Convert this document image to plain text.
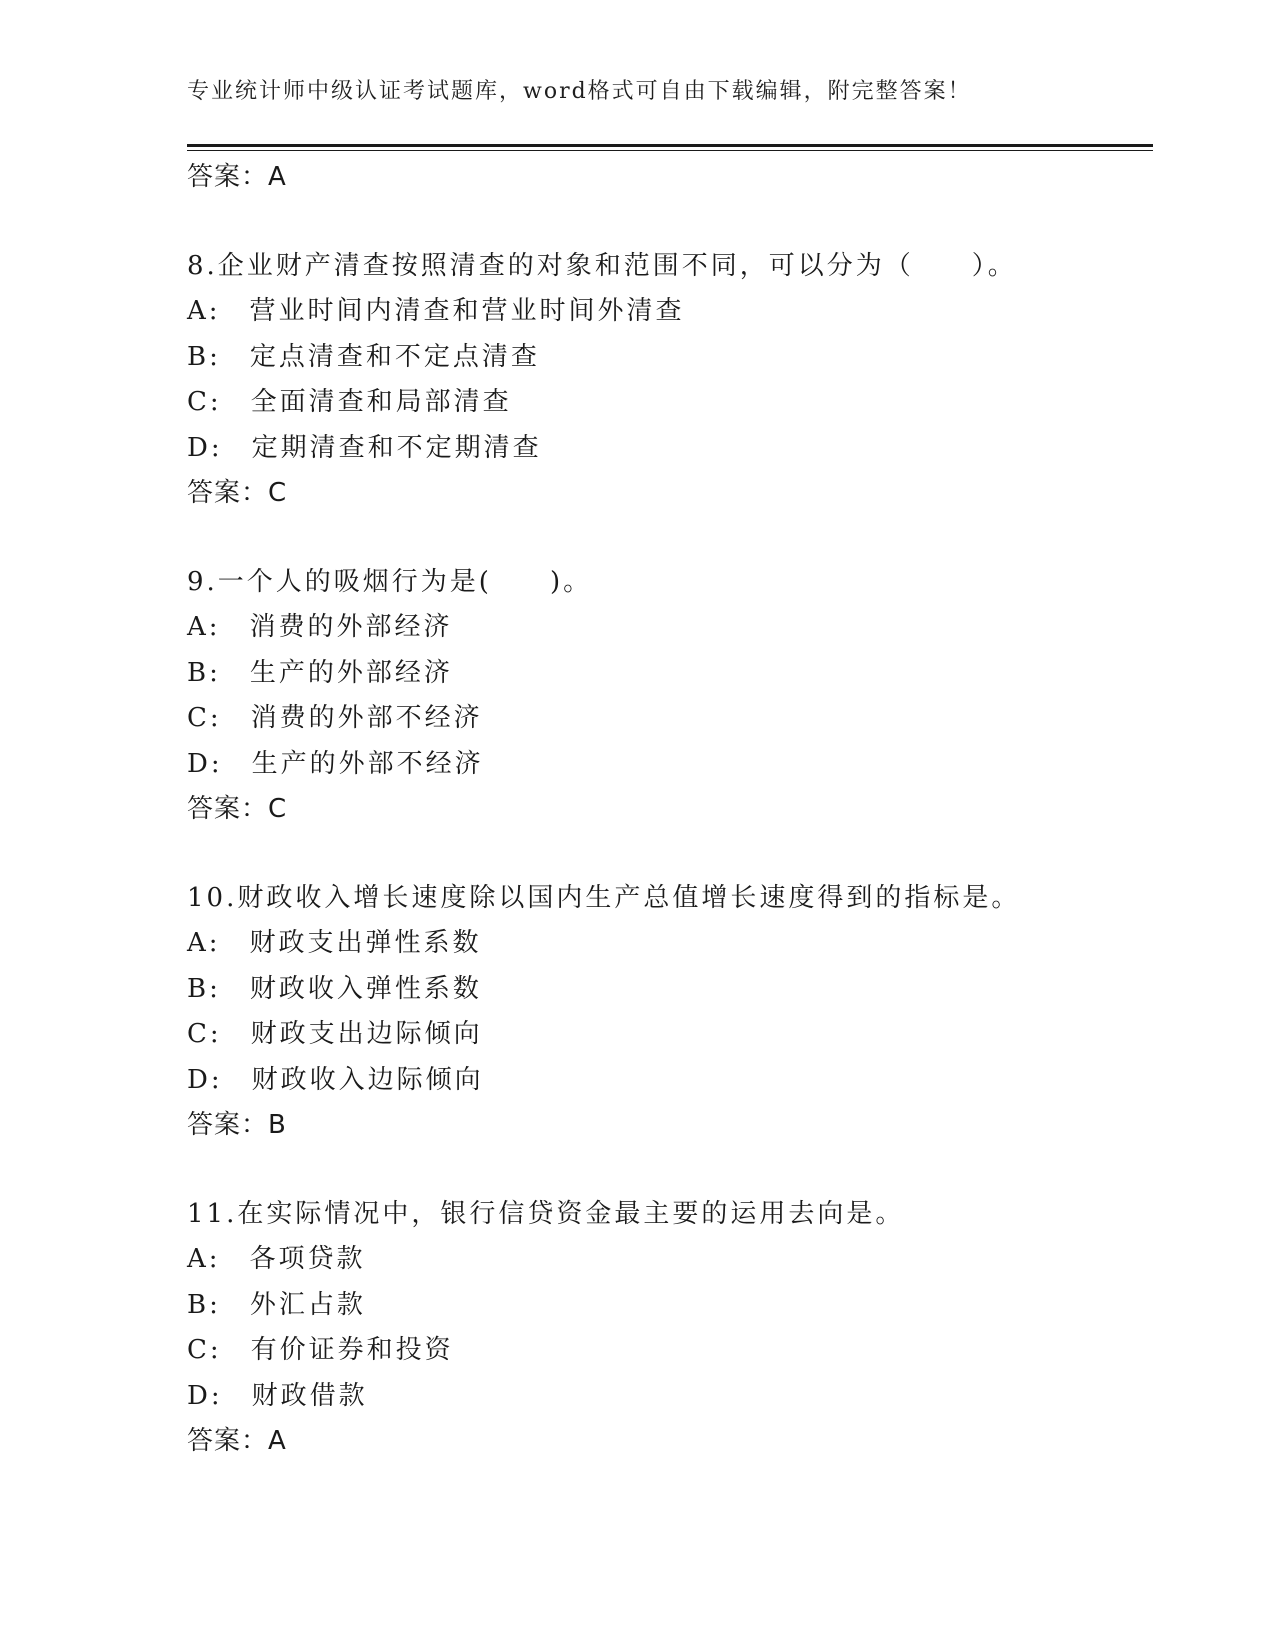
专业统计师中级认证考试题库，word格式可自由下载编辑，附完整答案！
答案：A
8.企业财产清查按照清查的对象和范围不同，可以分为（　　）。
A:　营业时间内清查和营业时间外清查
B:　定点清查和不定点清查
C:　全面清查和局部清查
D:　定期清查和不定期清查
答案：C
9.一个人的吸烟行为是(　　)。
A:　消费的外部经济
B:　生产的外部经济
C:　消费的外部不经济
D:　生产的外部不经济
答案：C
10.财政收入增长速度除以国内生产总值增长速度得到的指标是。
A:　财政支出弹性系数
B:　财政收入弹性系数
C:　财政支出边际倾向
D:　财政收入边际倾向
答案：B
11.在实际情况中，银行信贷资金最主要的运用去向是。
A:　各项贷款
B:　外汇占款
C:　有价证券和投资
D:　财政借款
答案：A
